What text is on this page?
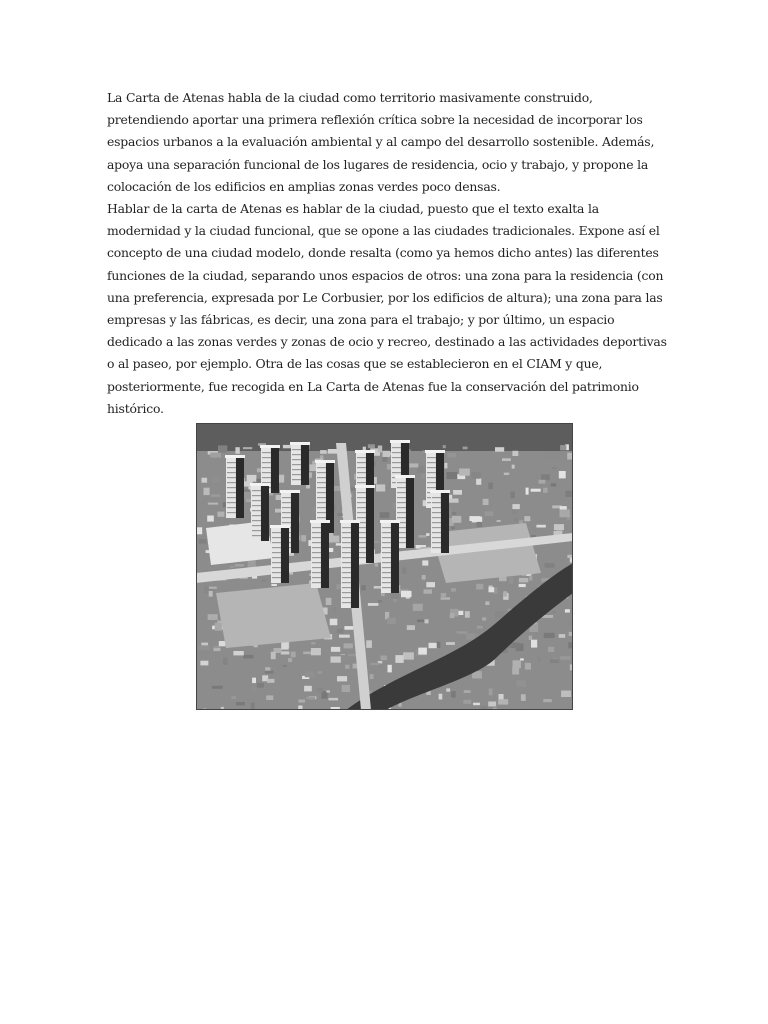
La Carta de Atenas habla de la ciudad como territorio masivamente construido, pretendiendo aportar una primera reflexión crítica sobre la necesidad de incorporar los espacios urbanos a la evaluación ambiental y al campo del desarrollo sostenible. Además, apoya una separación funcional de los lugares de residencia, ocio y trabajo, y propone la colocación de los edificios en amplias zonas verdes poco densas.

Hablar de la carta de Atenas es hablar de la ciudad, puesto que el texto exalta la modernidad y la ciudad funcional, que se opone a las ciudades tradicionales. Expone así el concepto de una ciudad modelo, donde resalta (como ya hemos dicho antes) las diferentes funciones de la ciudad, separando unos espacios de otros: una zona para la residencia (con una preferencia, expresada por Le Corbusier, por los edificios de altura); una zona para las empresas y las fábricas, es decir, una zona para el trabajo; y por último, un espacio dedicado a las zonas verdes y zonas de ocio y recreo, destinado a las actividades deportivas o al paseo, por ejemplo. Otra de las cosas que se establecieron en el CIAM y que, posteriormente, fue recogida en La Carta de Atenas fue la conservación del patrimonio histórico.
